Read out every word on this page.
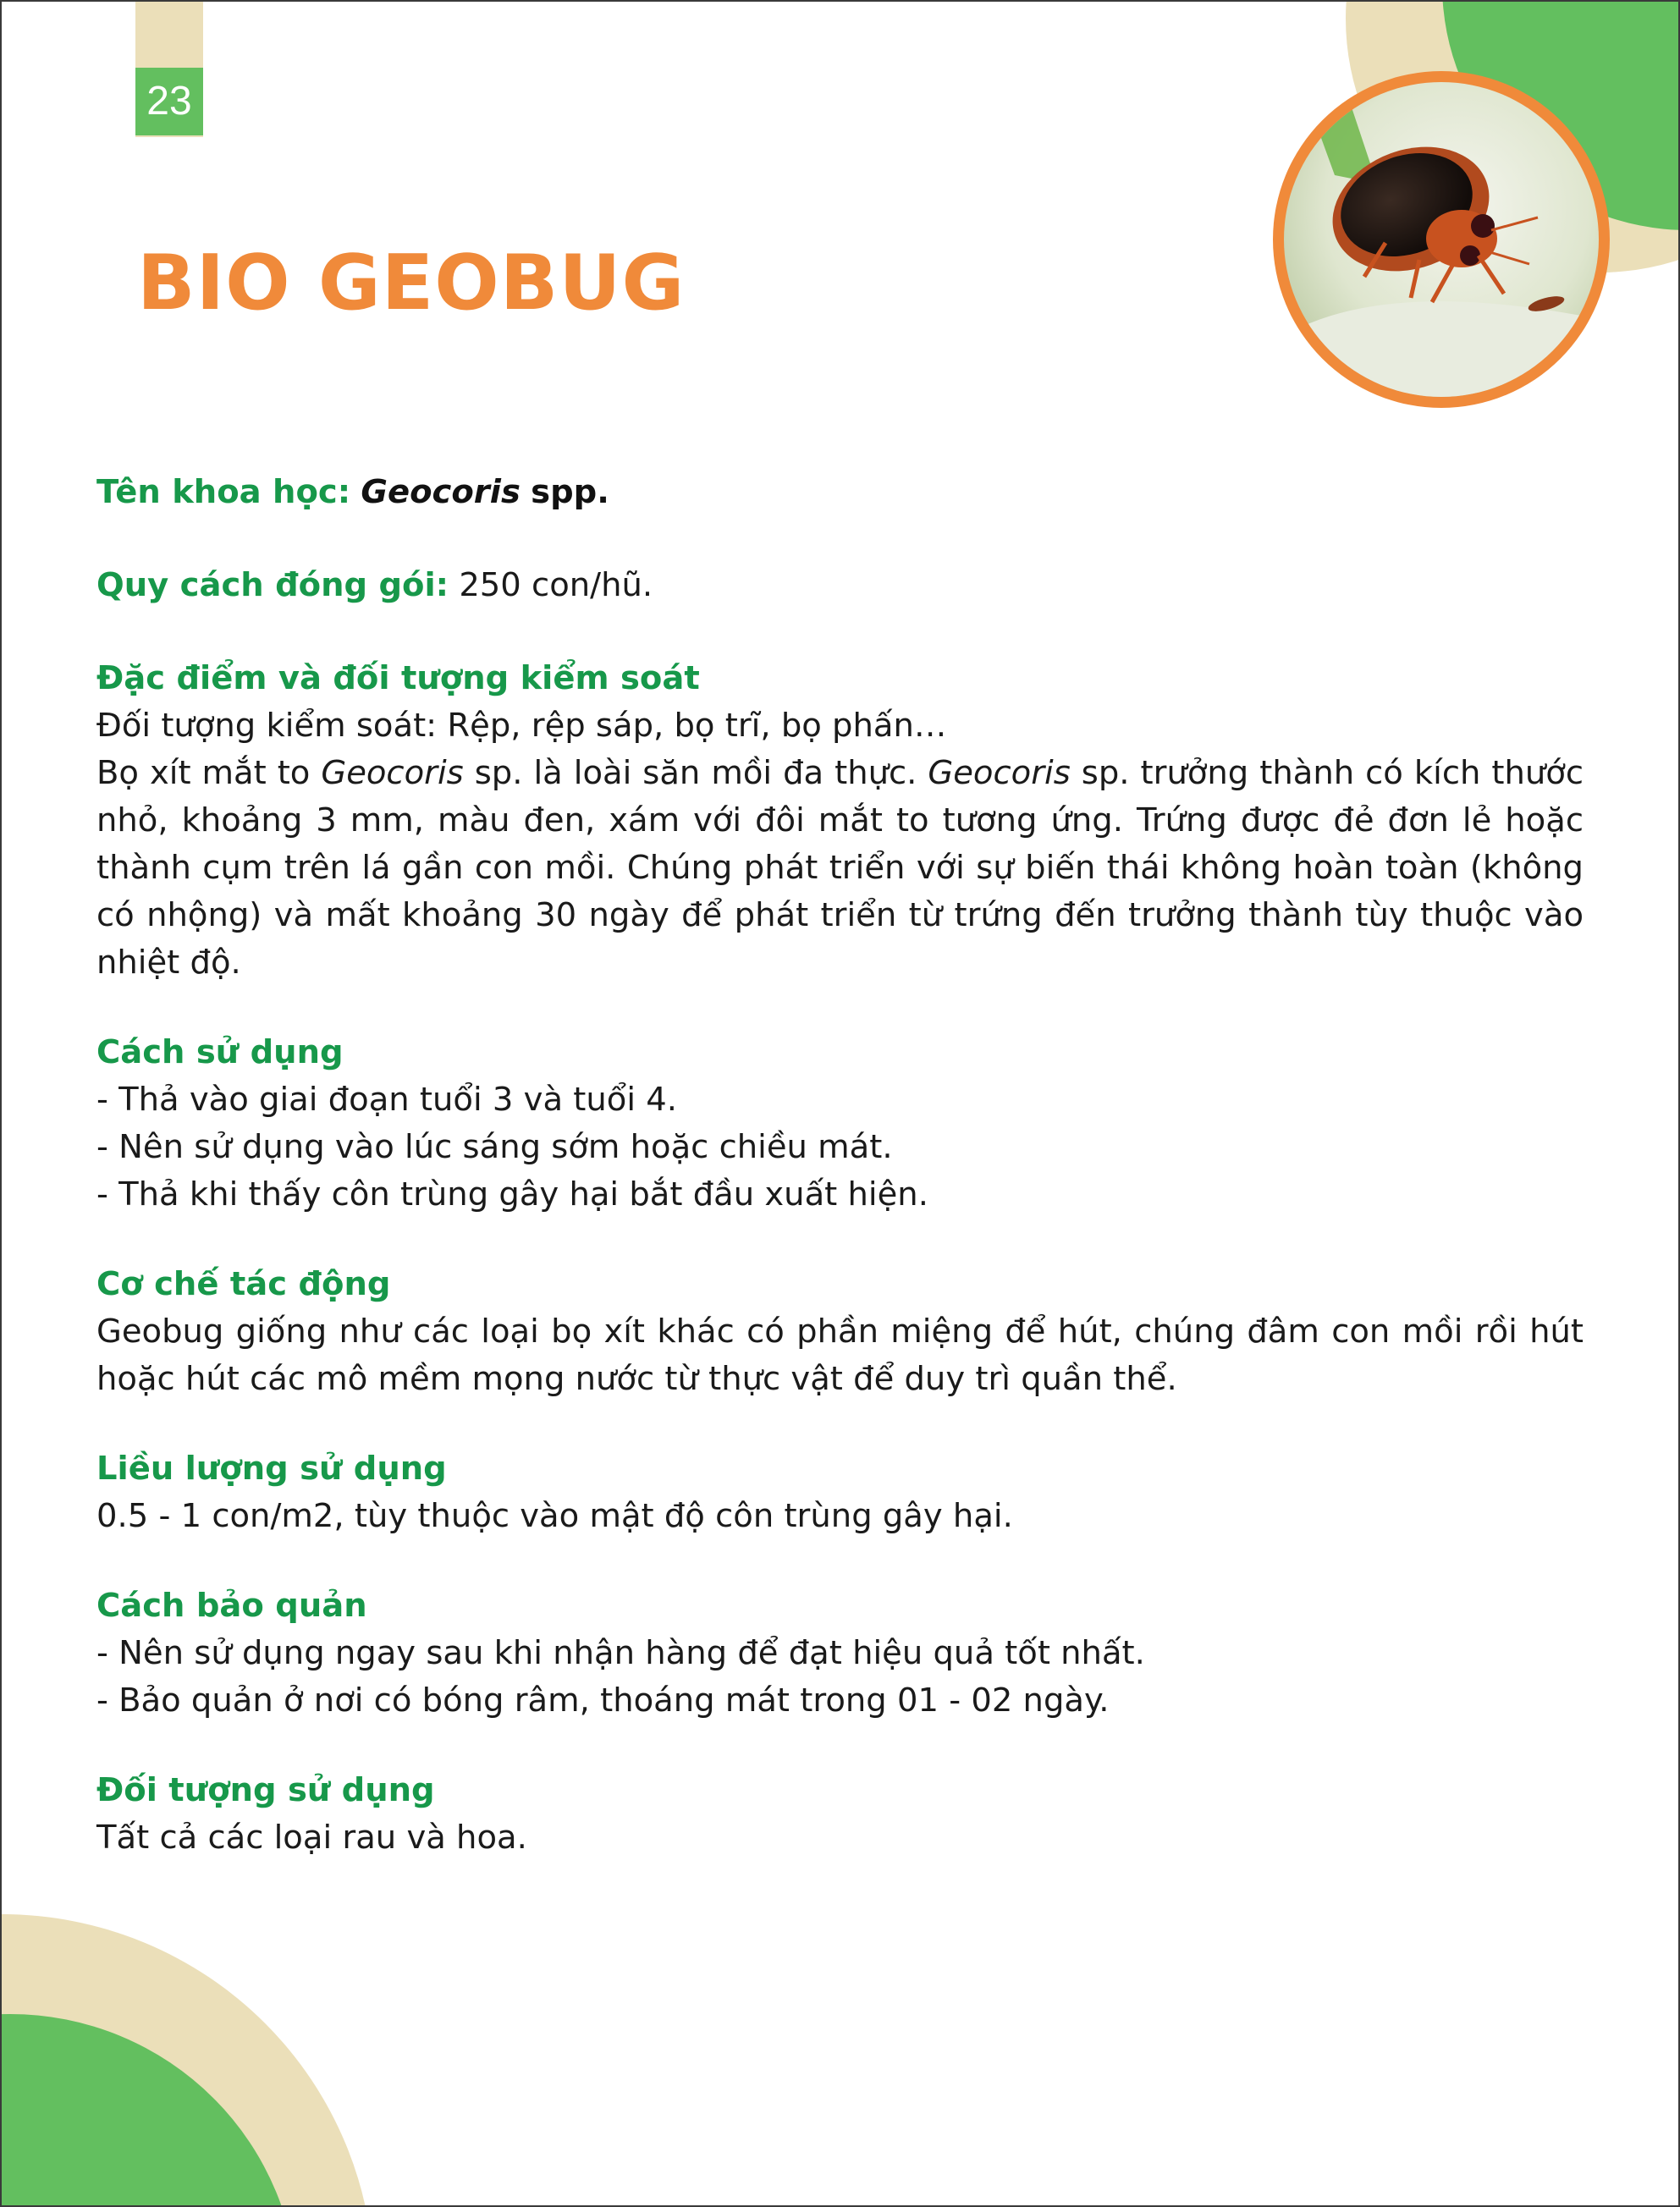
23
BIO GEOBUG

Tên khoa học: Geocoris spp.

Quy cách đóng gói: 250 con/hũ.

Đặc điểm và đối tượng kiểm soát

Đối tượng kiểm soát: Rệp, rệp sáp, bọ trĩ, bọ phấn…

Bọ xít mắt to Geocoris sp. là loài săn mồi đa thực. Geocoris sp. trưởng thành có kích thước nhỏ, khoảng 3 mm, màu đen, xám với đôi mắt to tương ứng. Trứng được đẻ đơn lẻ hoặc thành cụm trên lá gần con mồi. Chúng phát triển với sự biến thái không hoàn toàn (không có nhộng) và mất khoảng 30 ngày để phát triển từ trứng đến trưởng thành tùy thuộc vào nhiệt độ.

Cách sử dụng

- Thả vào giai đoạn tuổi 3 và tuổi 4.

- Nên sử dụng vào lúc sáng sớm hoặc chiều mát.

- Thả khi thấy côn trùng gây hại bắt đầu xuất hiện.

Cơ chế tác động

Geobug giống như các loại bọ xít khác có phần miệng để hút, chúng đâm con mồi rồi hút hoặc hút các mô mềm mọng nước từ thực vật để duy trì quần thể.

Liều lượng sử dụng

0.5 - 1 con/m2, tùy thuộc vào mật độ côn trùng gây hại.

Cách bảo quản

- Nên sử dụng ngay sau khi nhận hàng để đạt hiệu quả tốt nhất.

- Bảo quản ở nơi có bóng râm, thoáng mát trong 01 - 02 ngày.

Đối tượng sử dụng

Tất cả các loại rau và hoa.
